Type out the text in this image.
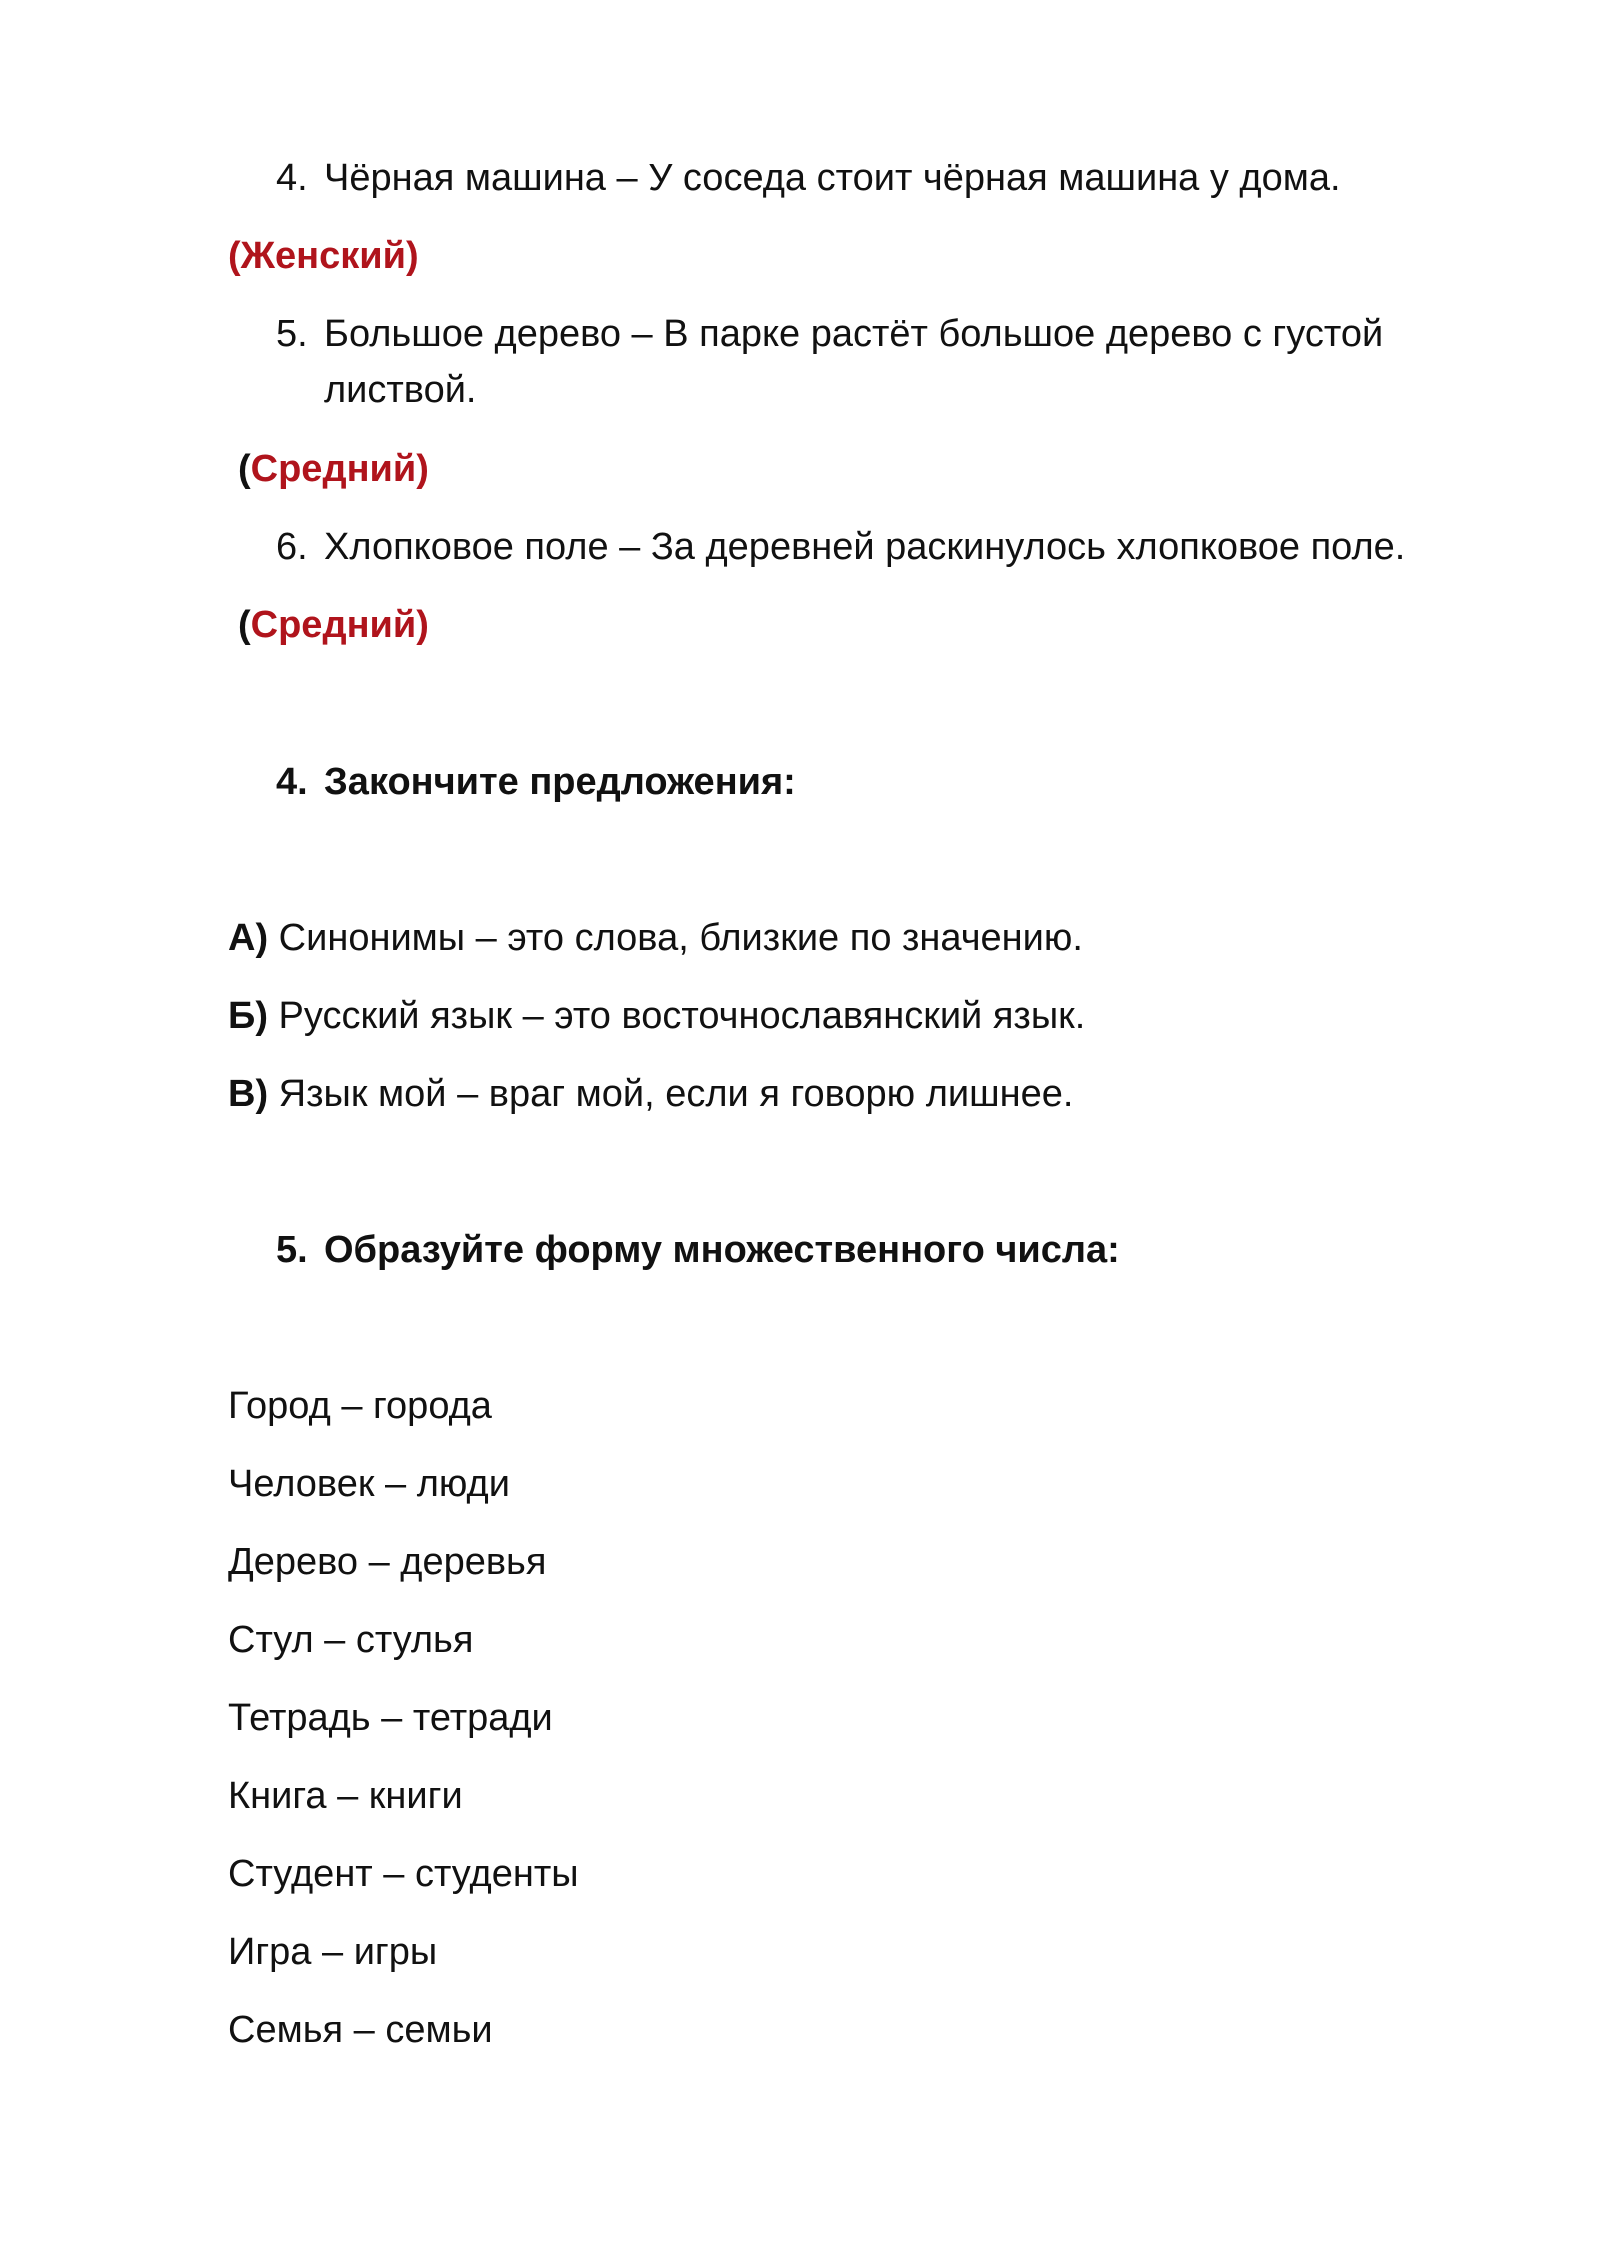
4. Чёрная машина – У соседа стоит чёрная машина у дома.
(Женский)
5. Большое дерево – В парке растёт большое дерево с густой листвой.
(Средний)
6. Хлопковое поле – За деревней раскинулось хлопковое поле.
(Средний)
4. Закончите предложения:
А) Синонимы – это слова, близкие по значению.
Б) Русский язык – это восточнославянский язык.
В) Язык мой – враг мой, если я говорю лишнее.
5. Образуйте форму множественного числа:
Город – города
Человек – люди
Дерево – деревья
Стул – стулья
Тетрадь – тетради
Книга – книги
Студент – студенты
Игра – игры
Семья – семьи
